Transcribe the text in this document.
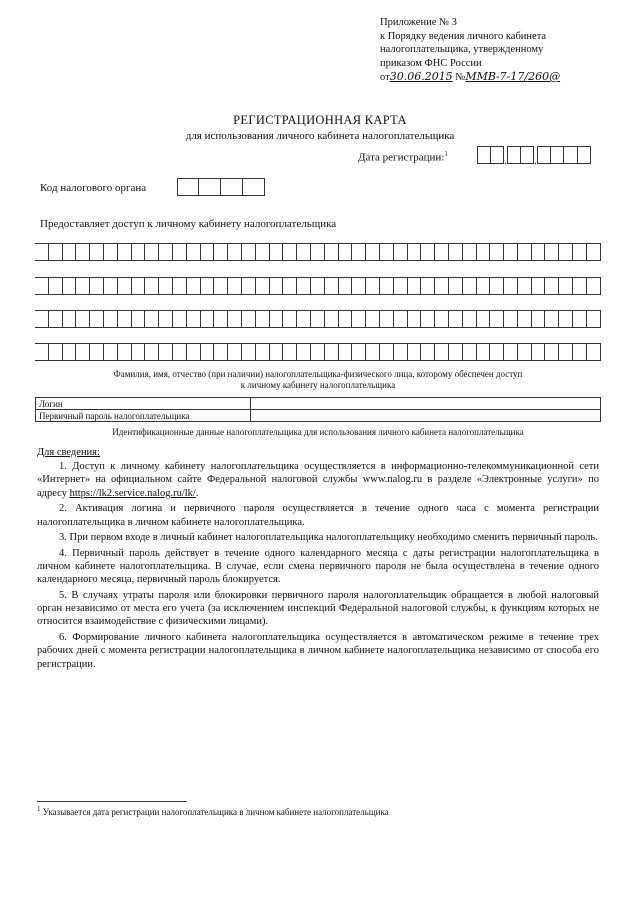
Приложение № 3
к Порядку ведения личного кабинета
налогоплательщика, утвержденному
приказом ФНС России
от30.06.2015 №ММВ-7-17/260@
РЕГИСТРАЦИОННАЯ КАРТА
для использования личного кабинета налогоплательщика
Дата регистрации:$^1$
.
.
Код налогового органа
Предоставляет доступ к личному кабинету налогоплательщика
Фамилия, имя, отчество (при наличии) налогоплательщика-физического лица, которому обеспечен доступ
к личному кабинету налогоплательщика
Логин	
Первичный пароль налогоплательщика	
Идентификационные данные налогоплательщика для использования личного кабинета налогоплательщика

Для сведения:

1. Доступ к личному кабинету налогоплательщика осуществляется в информационно-телекоммуникационной сети «Интернет» на официальном сайте Федеральной налоговой службы www.nalog.ru в разделе «Электронные услуги» по адресу https://lk2.service.nalog.ru/lk/.

2. Активация логина и первичного пароля осуществляется в течение одного часа с момента регистрации налогоплательщика в личном кабинете налогоплательщика.

3. При первом входе в личный кабинет налогоплательщика налогоплательщику необходимо сменить первичный пароль.

4. Первичный пароль действует в течение одного календарного месяца с даты регистрации налогоплательщика в личном кабинете налогоплательщика. В случае, если смена первичного пароля не была осуществлена в течение одного календарного месяца, первичный пароль блокируется.

5. В случаях утраты пароля или блокировки первичного пароля налогоплательщик обращается в любой налоговый орган независимо от места его учета (за исключением инспекций Федеральной налоговой службы, к функциям которых не относится взаимодействие с физическими лицами).

6. Формирование личного кабинета налогоплательщика осуществляется в автоматическом режиме в течение трех рабочих дней с момента регистрации налогоплательщика в личном кабинете налогоплательщика независимо от способа его регистрации.

$^1$ Указывается дата регистрации налогоплательщика в личном кабинете налогоплательщика
